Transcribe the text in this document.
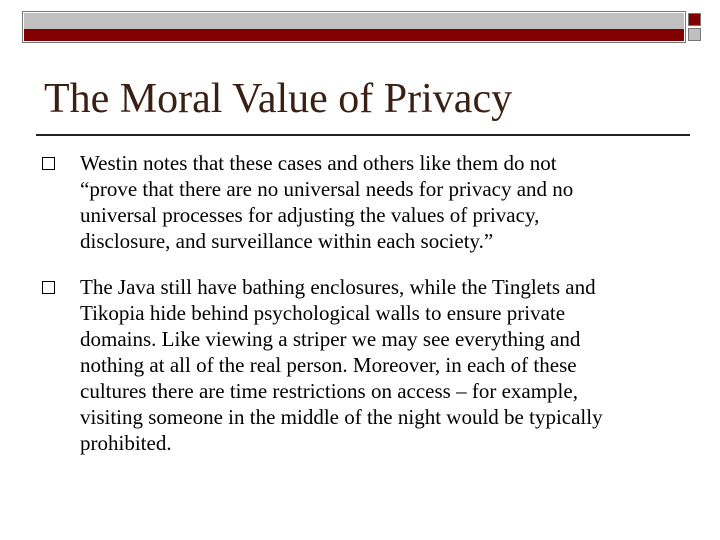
The Moral Value of Privacy
Westin notes that these cases and others like them do not
“prove that there are no universal needs for privacy and no
universal processes for adjusting the values of privacy,
disclosure, and surveillance within each society.”
The Java still have bathing enclosures, while the Tinglets and
Tikopia hide behind psychological walls to ensure private
domains. Like viewing a striper we may see everything and
nothing at all of the real person. Moreover, in each of these
cultures there are time restrictions on access – for example,
visiting someone in the middle of the night would be typically
prohibited.
